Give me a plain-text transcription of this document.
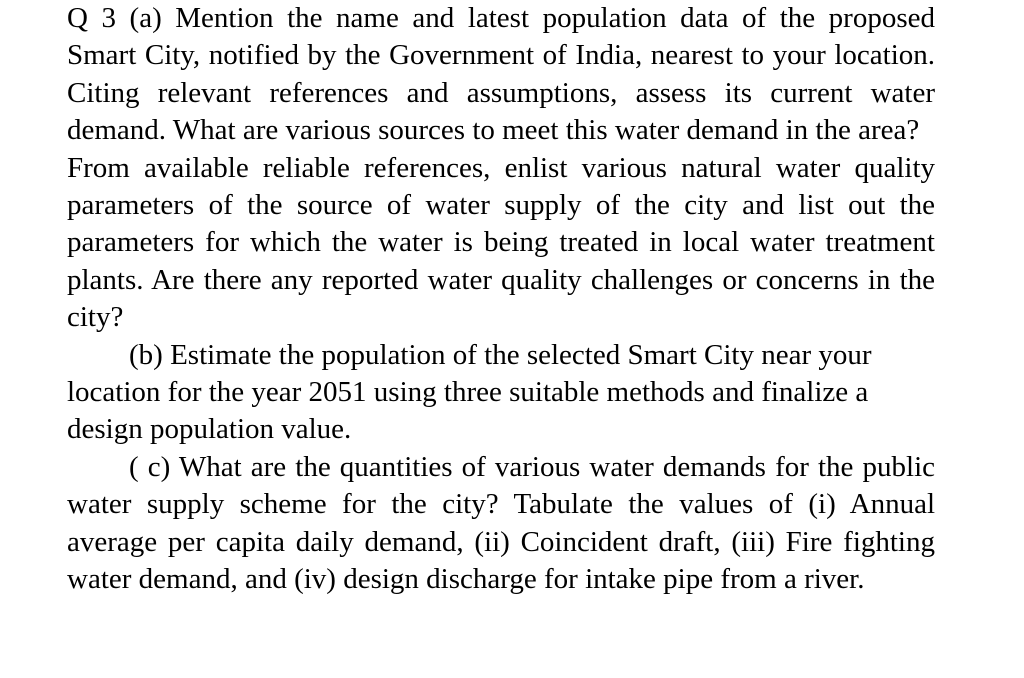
Q 3 (a) Mention the name and latest population data of the proposed Smart City, notified by the Government of India, nearest to your location. Citing relevant references and assumptions, assess its current water demand. What are various sources to meet this water demand in the area?

From available reliable references, enlist various natural water quality parameters of the source of water supply of the city and list out the parameters for which the water is being treated in local water treatment plants. Are there any reported water quality challenges or concerns in the city?

(b) Estimate the population of the selected Smart City near your location for the year 2051 using three suitable methods and finalize a design population value.

( c) What are the quantities of various water demands for the public water supply scheme for the city? Tabulate the values of (i) Annual average per capita daily demand, (ii) Coincident draft, (iii) Fire fighting water demand, and (iv) design discharge for intake pipe from a river.
